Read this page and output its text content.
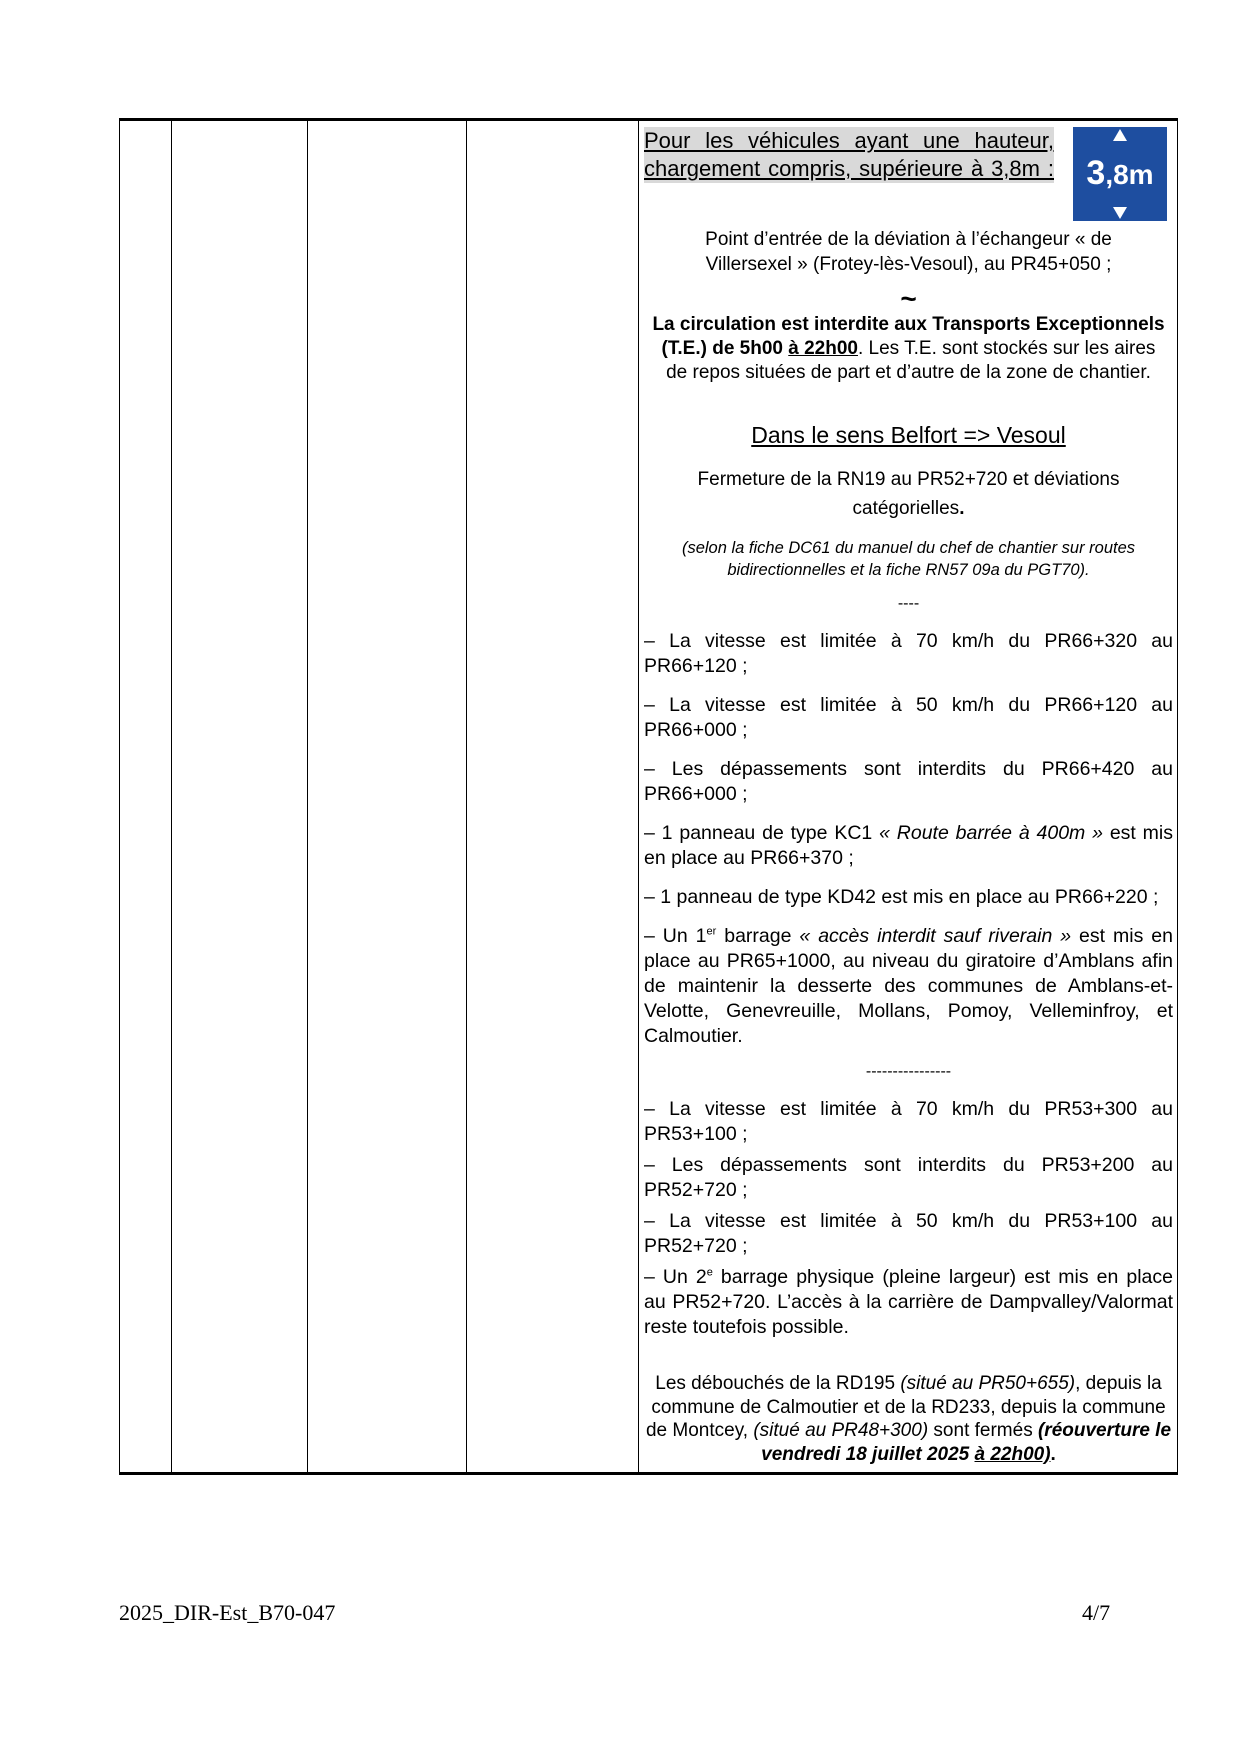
Pour les véhicules ayant une hauteur, chargement compris, supérieure à 3,8m : 3,8m
Point d’entrée de la déviation à l’échangeur « de Villersexel » (Frotey-lès-Vesoul), au PR45+050 ;
~
La circulation est interdite aux Transports Exceptionnels (T.E.) de 5h00 à 22h00. Les T.E. sont stockés sur les aires de repos situées de part et d’autre de la zone de chantier.
Dans le sens Belfort => Vesoul
Fermeture de la RN19 au PR52+720 et déviations catégorielles.
(selon la fiche DC61 du manuel du chef de chantier sur routes bidirectionnelles et la fiche RN57 09a du PGT70).
----
– La vitesse est limitée à 70 km/h du PR66+320 au PR66+120 ;
– La vitesse est limitée à 50 km/h du PR66+120 au PR66+000 ;
– Les dépassements sont interdits du PR66+420 au PR66+000 ;
– 1 panneau de type KC1 « Route barrée à 400m » est mis en place au PR66+370 ;
– 1 panneau de type KD42 est mis en place au PR66+220 ;
– Un 1er barrage « accès interdit sauf riverain » est mis en place au PR65+1000, au niveau du giratoire d’Amblans afin de maintenir la desserte des communes de Amblans-et-Velotte, Genevreuille, Mollans, Pomoy, Velleminfroy, et Calmoutier.
----------------
– La vitesse est limitée à 70 km/h du PR53+300 au PR53+100 ;
– Les dépassements sont interdits du PR53+200 au PR52+720 ;
– La vitesse est limitée à 50 km/h du PR53+100 au PR52+720 ;
– Un 2e barrage physique (pleine largeur) est mis en place au PR52+720. L’accès à la carrière de Dampvalley/Valormat reste toutefois possible.
Les débouchés de la RD195 (situé au PR50+655), depuis la commune de Calmoutier et de la RD233, depuis la commune de Montcey, (situé au PR48+300) sont fermés (réouverture le vendredi 18 juillet 2025 à 22h00).
2025_DIR-Est_B70-047	4/7
